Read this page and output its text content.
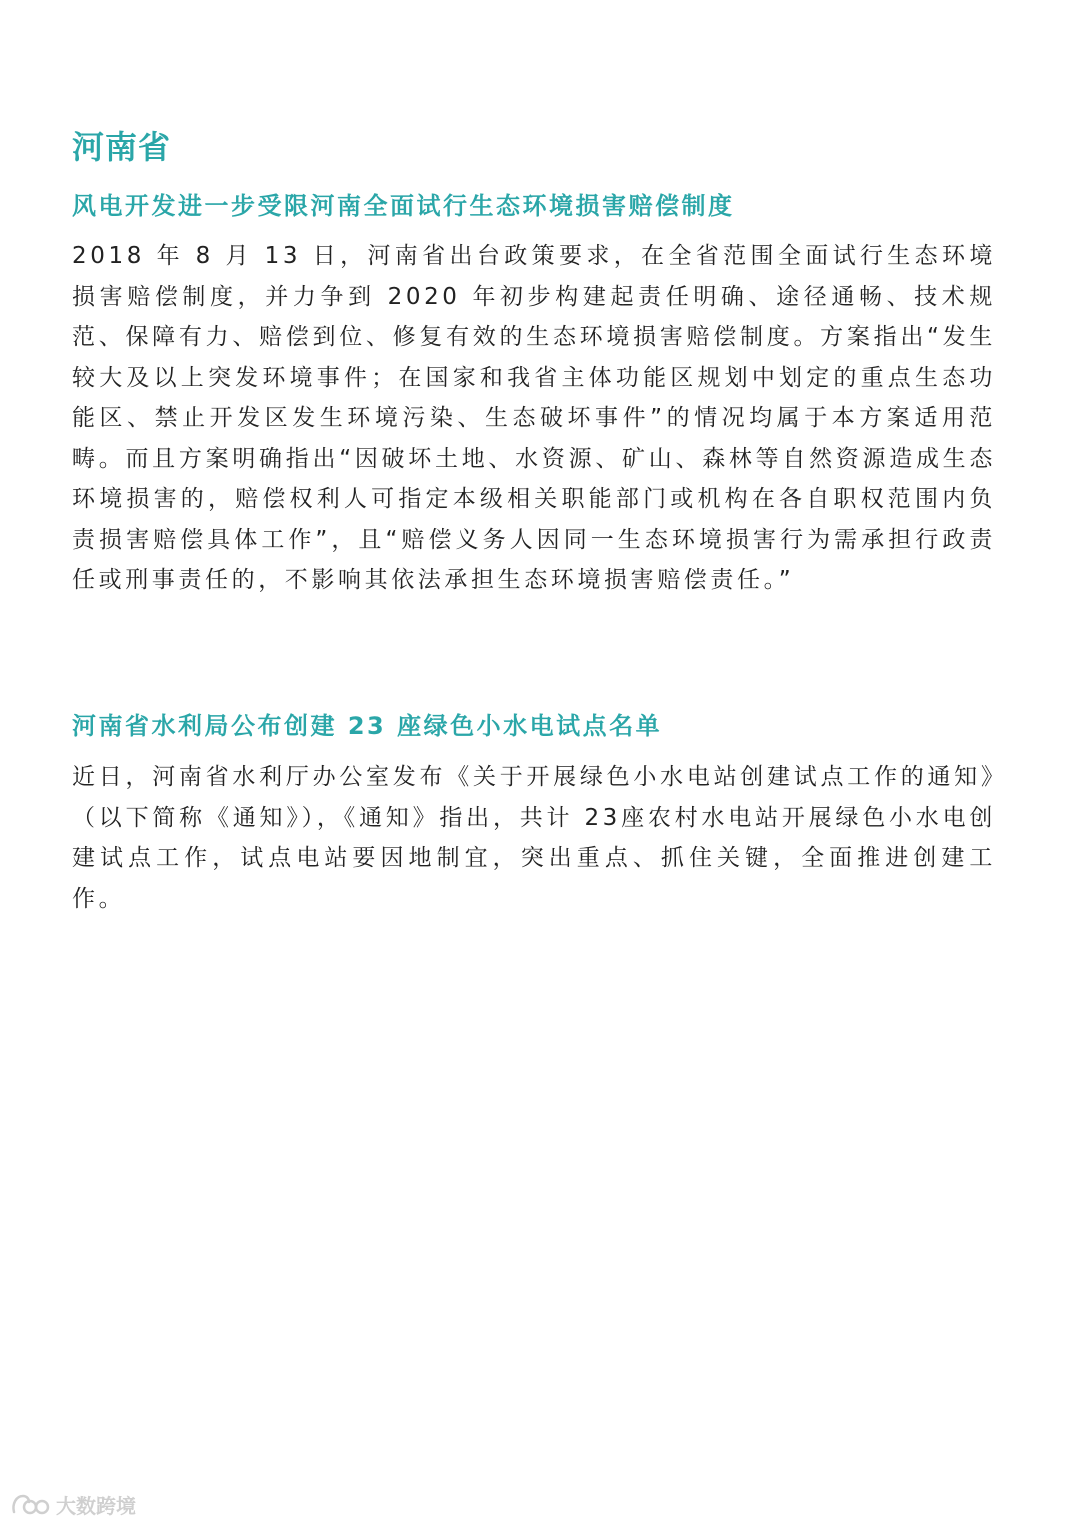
河南省
风电开发进一步受限河南全面试行生态环境损害赔偿制度

2018 年 8 月 13 日，河南省出台政策要求，在全省范围全面试行生态环境损害赔偿制度，并力争到 2020 年初步构建起责任明确、途径通畅、技术规范、保障有力、赔偿到位、修复有效的生态环境损害赔偿制度。方案指出“发生较大及以上突发环境事件；在国家和我省主体功能区规划中划定的重点生态功能区、禁止开发区发生环境污染、生态破坏事件”的情况均属于本方案适用范畴。而且方案明确指出“因破坏土地、水资源、矿山、森林等自然资源造成生态环境损害的，赔偿权利人可指定本级相关职能部门或机构在各自职权范围内负责损害赔偿具体工作”，且“赔偿义务人因同一生态环境损害行为需承担行政责任或刑事责任的，不影响其依法承担生态环境损害赔偿责任。”

河南省水利局公布创建 23 座绿色小水电试点名单

近日，河南省水利厅办公室发布《关于开展绿色小水电站创建试点工作的通知》（以下简称《通知》），《通知》指出，共计 23座农村水电站开展绿色小水电创建试点工作，试点电站要因地制宜，突出重点、抓住关键，全面推进创建工作。

大数跨境
